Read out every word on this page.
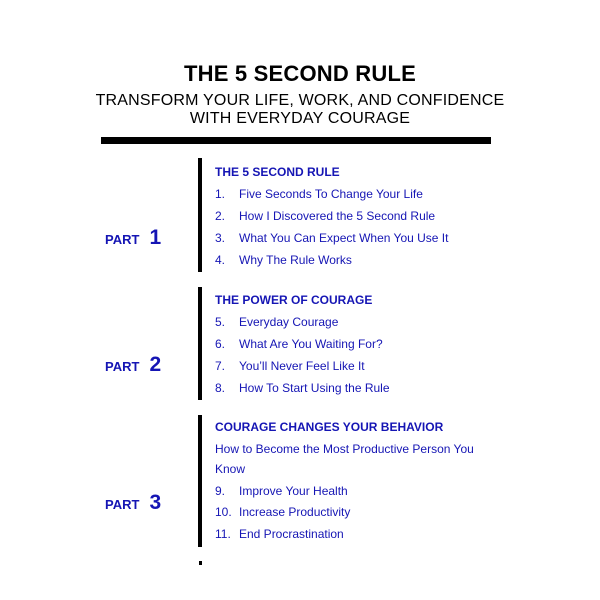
THE 5 SECOND RULE
TRANSFORM YOUR LIFE, WORK, AND CONFIDENCE
WITH EVERYDAY COURAGE
PART 1
THE 5 SECOND RULE
1. Five Seconds To Change Your Life
2. How I Discovered the 5 Second Rule
3. What You Can Expect When You Use It
4. Why The Rule Works
PART 2
THE POWER OF COURAGE
5. Everyday Courage
6. What Are You Waiting For?
7. You’ll Never Feel Like It
8. How To Start Using the Rule
PART 3
COURAGE CHANGES YOUR BEHAVIOR
How to Become the Most Productive Person You
Know
9. Improve Your Health
10. Increase Productivity
11. End Procrastination
